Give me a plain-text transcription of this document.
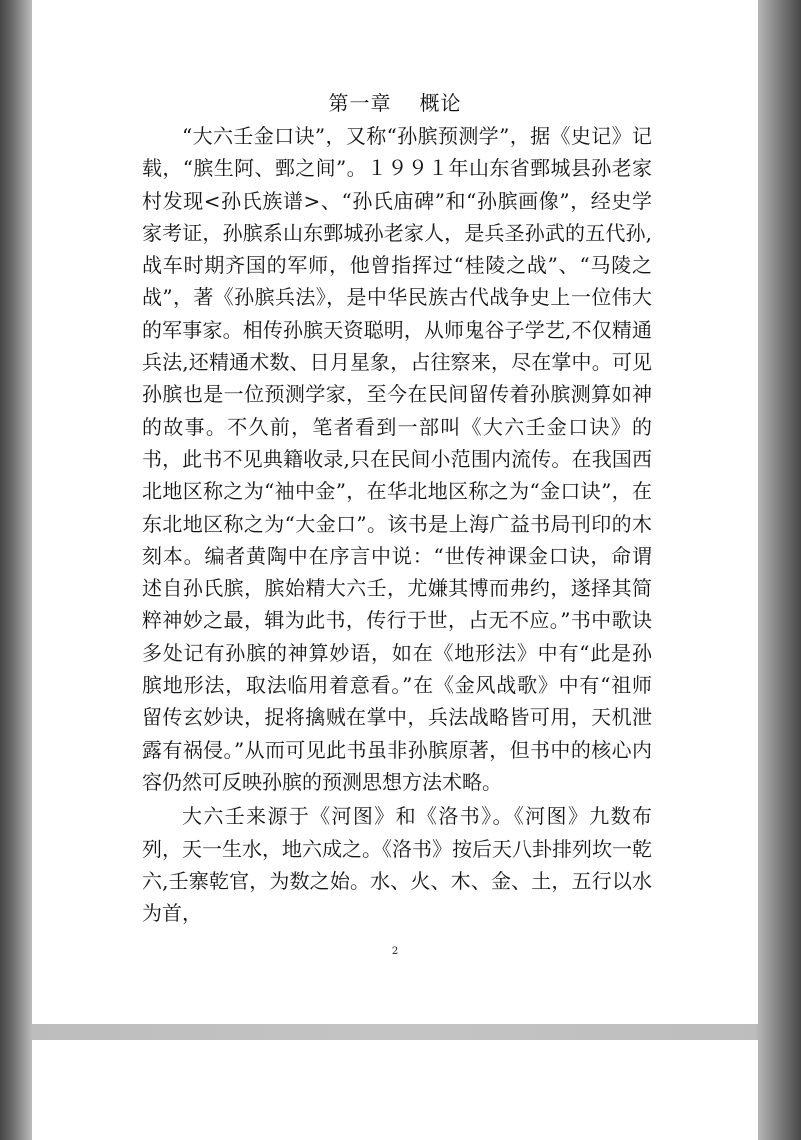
第一章 概论

“大六壬金口诀”，又称“孙膑预测学”，据《史记》记载，“膑生阿、鄄之间”。１９９１年山东省鄄城县孙老家村发现<孙氏族谱>、“孙氏庙碑”和“孙膑画像”，经史学家考证，孙膑系山东鄄城孙老家人，是兵圣孙武的五代孙,战车时期齐国的军师，他曾指挥过“桂陵之战”、“马陵之战”，著《孙膑兵法》，是中华民族古代战争史上一位伟大的军事家。相传孙膑天资聪明，从师鬼谷子学艺,不仅精通兵法,还精通术数、日月星象，占往察来，尽在掌中。可见孙膑也是一位预测学家，至今在民间留传着孙膑测算如神的故事。不久前，笔者看到一部叫《大六壬金口诀》的书，此书不见典籍收录,只在民间小范围内流传。在我国西北地区称之为“袖中金”，在华北地区称之为“金口诀”，在东北地区称之为“大金口”。该书是上海广益书局刊印的木刻本。编者黄陶中在序言中说：“世传神课金口诀，命谓述自孙氏膑，膑始精大六壬，尤嫌其博而弗约，遂择其简粹神妙之最，辑为此书，传行于世，占无不应。”书中歌诀多处记有孙膑的神算妙语，如在《地形法》中有“此是孙膑地形法，取法临用着意看。”在《金风战歌》中有“祖师留传玄妙诀，捉将擒贼在掌中，兵法战略皆可用，天机泄露有祸侵。”从而可见此书虽非孙膑原著，但书中的核心内容仍然可反映孙膑的预测思想方法术略。

大六壬来源于《河图》和《洛书》。《河图》九数布列，天一生水，地六成之。《洛书》按后天八卦排列坎一乾六,壬寨乾官，为数之始。水、火、木、金、土，五行以水为首，

2
